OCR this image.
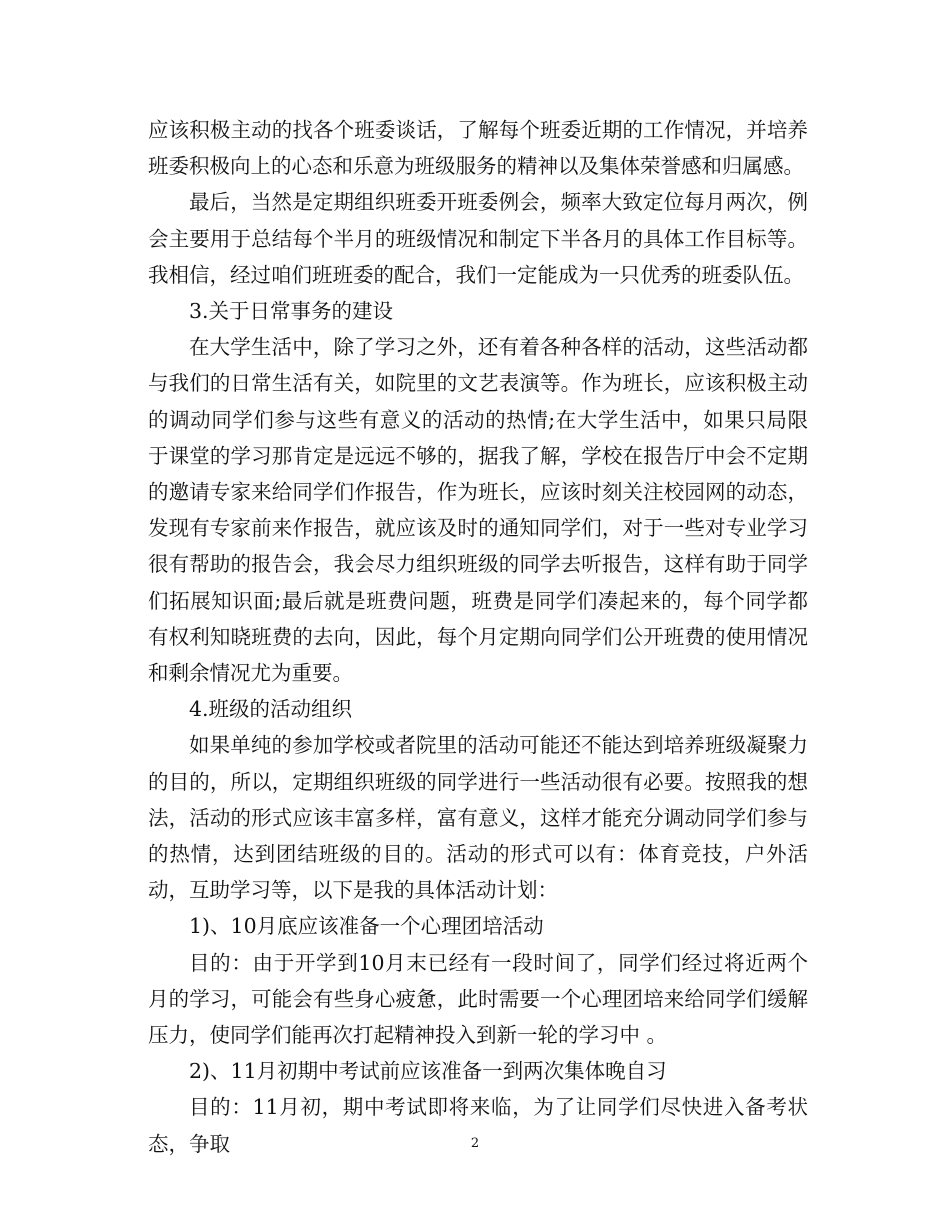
应该积极主动的找各个班委谈话，了解每个班委近期的工作情况，并培养班委积极向上的心态和乐意为班级服务的精神以及集体荣誉感和归属感。

最后，当然是定期组织班委开班委例会，频率大致定位每月两次，例会主要用于总结每个半月的班级情况和制定下半各月的具体工作目标等。我相信，经过咱们班班委的配合，我们一定能成为一只优秀的班委队伍。

3.关于日常事务的建设

在大学生活中，除了学习之外，还有着各种各样的活动，这些活动都与我们的日常生活有关，如院里的文艺表演等。作为班长，应该积极主动的调动同学们参与这些有意义的活动的热情;在大学生活中，如果只局限于课堂的学习那肯定是远远不够的，据我了解，学校在报告厅中会不定期的邀请专家来给同学们作报告，作为班长，应该时刻关注校园网的动态，发现有专家前来作报告，就应该及时的通知同学们，对于一些对专业学习很有帮助的报告会，我会尽力组织班级的同学去听报告，这样有助于同学们拓展知识面;最后就是班费问题，班费是同学们凑起来的，每个同学都有权利知晓班费的去向，因此，每个月定期向同学们公开班费的使用情况和剩余情况尤为重要。

4.班级的活动组织

如果单纯的参加学校或者院里的活动可能还不能达到培养班级凝聚力的目的，所以，定期组织班级的同学进行一些活动很有必要。按照我的想法，活动的形式应该丰富多样，富有意义，这样才能充分调动同学们参与的热情，达到团结班级的目的。活动的形式可以有：体育竞技，户外活动，互助学习等，以下是我的具体活动计划：

1)、10月底应该准备一个心理团培活动

目的：由于开学到10月末已经有一段时间了，同学们经过将近两个月的学习，可能会有些身心疲惫，此时需要一个心理团培来给同学们缓解压力，使同学们能再次打起精神投入到新一轮的学习中 。

2)、11月初期中考试前应该准备一到两次集体晚自习

目的：11月初，期中考试即将来临，为了让同学们尽快进入备考状态，争取	2
